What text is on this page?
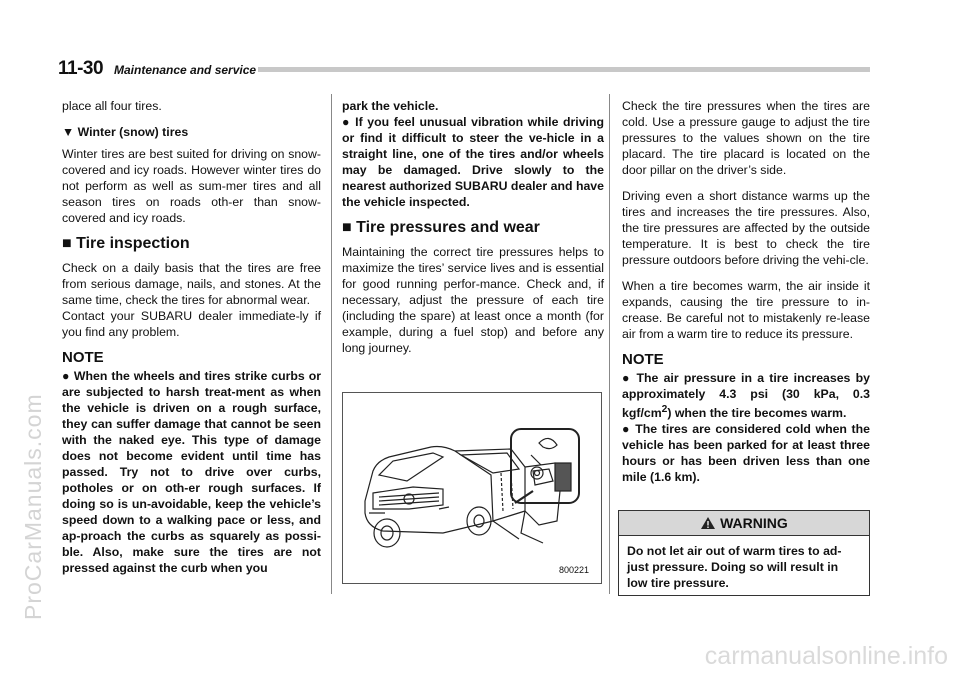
11-30 Maintenance and service

place all four tires.

▼ Winter (snow) tires

Winter tires are best suited for driving on snow-covered and icy roads. However winter tires do not perform as well as sum-mer tires and all season tires on roads oth-er than snow-covered and icy roads.

■ Tire inspection

Check on a daily basis that the tires are free from serious damage, nails, and stones. At the same time, check the tires for abnormal wear.

Contact your SUBARU dealer immediate-ly if you find any problem.

NOTE

● When the wheels and tires strike curbs or are subjected to harsh treat-ment as when the vehicle is driven on a rough surface, they can suffer damage that cannot be seen with the naked eye. This type of damage does not become evident until time has passed. Try not to drive over curbs, potholes or on oth-er rough surfaces. If doing so is un-avoidable, keep the vehicle’s speed down to a walking pace or less, and ap-proach the curbs as squarely as possi-ble. Also, make sure the tires are not pressed against the curb when you

park the vehicle.

● If you feel unusual vibration while driving or find it difficult to steer the ve-hicle in a straight line, one of the tires and/or wheels may be damaged. Drive slowly to the nearest authorized SUBARU dealer and have the vehicle inspected.

■ Tire pressures and wear

Maintaining the correct tire pressures helps to maximize the tires’ service lives and is essential for good running perfor-mance. Check and, if necessary, adjust the pressure of each tire (including the spare) at least once a month (for example, during a fuel stop) and before any long journey.

800221

Check the tire pressures when the tires are cold. Use a pressure gauge to adjust the tire pressures to the values shown on the tire placard. The tire placard is located on the door pillar on the driver’s side.

Driving even a short distance warms up the tires and increases the tire pressures. Also, the tire pressures are affected by the outside temperature. It is best to check the tire pressure outdoors before driving the vehi-cle.

When a tire becomes warm, the air inside it expands, causing the tire pressure to in-crease. Be careful not to mistakenly re-lease air from a warm tire to reduce its pressure.

NOTE

● The air pressure in a tire increases by approximately 4.3 psi (30 kPa, 0.3 kgf/$cm^2$) when the tire becomes warm.

● The tires are considered cold when the vehicle has been parked for at least three hours or has been driven less than one mile (1.6 km).

WARNING
Do not let air out of warm tires to ad-just pressure. Doing so will result in low tire pressure.
ProCarManuals.com
carmanualsonline.info
